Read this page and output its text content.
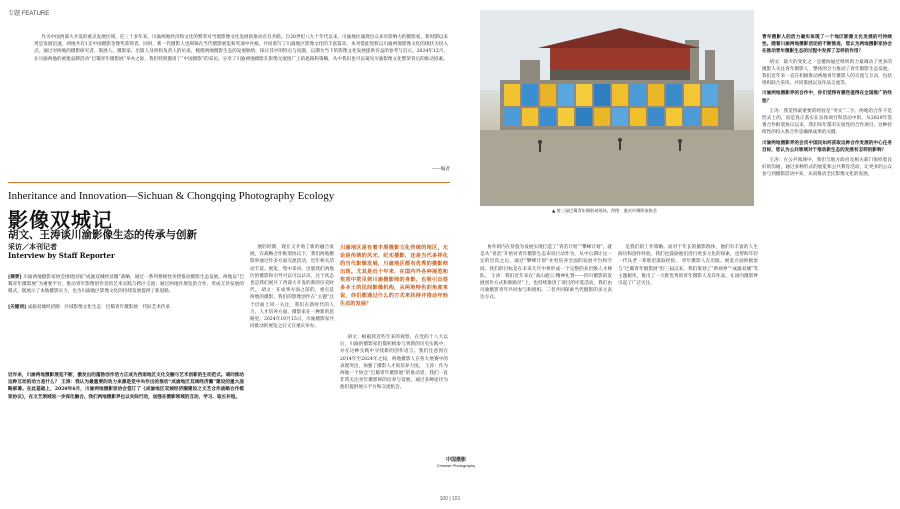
专题 FEATURE

作为中国西部大开发的重点发展区域，近三十多年来，川渝两地经济和文化的繁荣对当地影像文化发展的推动有目共睹。自20世纪八九十年代以来，川渝地区涌现出众多有影响力的摄影家，新时期以来更是发展迅速，两地共有1支中国摄影金像奖获得者。同时，新一代摄影人也频频在当代摄影展览和奖项中亮相。共同谱写了川渝地区影像文化的丰富篇章。本刊借此契机以川渝两地影像文化的现状为切入点，通过对两地的摄影研究者、策展人、摄影家、出版人及机构负责人的访谈，梳理两地摄影生态的发展脉络，探讨其中的特点与问题，以期为当下的影像文化发展提供有益的参考与启示。2024年12月，在川渝两地的重要品牌活动“巴蜀青年摄影展”举办之际，我们特别邀请了“中国摄影”的采访，分享了川渝两地摄影在影像交流推广上的思路和策略，从中我们也可以窥见川渝影像文化繁荣背后的推动因素。

——编者
Inheritance and Innovation—Sichuan & Chongqing Photography Ecology
影像双城记
胡文、王涛谈川渝影像生态的传承与创新
采访／本刊记者
Interview by Staff Reporter
[摘要] 川渝两地摄影家协会围绕国家“成渝双城经济圈”战略，通过一系列系统性举措推动摄影生态发展。两地以“巴蜀青年摄影展”为重要平台，推动青年影像创作者的艺术实践与跨区交流；通过两地作展览的合作、形成互补发展的模式，既展示了本地摄影实力，也为川渝地区影像文化的持续发展提供了新思路。
[关键词] 成渝双城经济圈　区域影像文化生态　巴蜀青年摄影展　代际艺术传承

近年来，川渝两地摄影展览不断，激发出的蓬勃创作活力正成为西南地区文化交融与艺术创新的生动范式。请问推动这种互动的动力是什么？ 王涛：我认为最重要的动力来源是党中央作出的推动“成渝地区双城经济圈”建设的重大战略部署。在此基础上，2020年6月，川渝两地摄影家协会签订了《成渝地区双城经济圈建设之文艺合作战略合作框架协议》，在文艺领域进一步深化融合。我们两地摄影界也以实际行动，加强在摄影领域的互动、学习、取长补短。

展的时期，现在又开始了新的融合发展。在战略合作框架协议下，我们两地摄影界通过作多方面交流活动，近年相关活动丰富。展览、集中采风、出版我们两地区的摄影和引导可以可以认识，这个状态也是我们展开了西部大开发的新的历史时代。 胡文：在成事方面之前的，重点是两地的摄影。我们的影像创作在“主题”这个层面上同一关注，我们在新时代的人力、人才培养方面，摄影家在一种新的思路里。2024年10月15日，川渝摄影家共同推动的展览之后又在重庆举办。

川渝地区是有着丰厚摄影文化传统的地区，无论是传统的风光、纪实摄影，还是当代多样化的当代影像发展，川渝地区都有优秀的摄影师出现。尤其是近十年来，在国内外各种展览和奖项中常见到川渝摄影师的身影，也吸引出很多本土的民间影像机构，从两地特色的角度来说，你们都通过什么的方式来扶持并推动年轻生态的发展？

胡文：根据我近些年来的观察，在党的十八大以后，川渝的摄影家们都积极参与到新的历史实践中，并在这种实践中寻找新的创作语言。我们注意到在2014年至2024年之间，两地摄影人在各大展赛中的表现突出，加强了摄影人才的培养力度。 王涛：作为两地一个协会“巴蜀青年摄影展”的推动者，我们一直非常关注青年摄影师的培养与发展，通过多种途径为他们提供展示平台和交流机会。

▲ 第三届巴蜀青年摄影展现场，供图：重庆市摄影家协会

协作的内在价值为发展实现打造了“青苗计划”“攀峰计划”。就是从“青苗”开始对青年摄影生态来说行动作为，从中后期让这一定的层次之后，通过“攀峰计划”并更培养全面的发展平台和空间。我们的目标是在未来几年中将形成一个完整的多层级人才梯队。 王涛：我们近年来在“高山抱云·精神礼赞——四川摄影的发展创作方式和新路径”上，也持续推进了项目的评选活动，我们由川渝摄影青年共同参与和组织。二者共同探索当代摄影的多元表达方式。

是我们的工作策略。而对于年长的摄影群体，他们有丰富的人生阅历和创作经验。我们也鼓励他们进行更多元化的探索，也帮助年轻一代从老一辈那里汲取经验。 青年摄影人在出版、展览方面积极参与“巴蜀青年摄影展”的三届以来，我们策划了“新视界”“成渝双城”等主题板块，推出了一大批优秀的青年摄影人及其作品，在国内摄影界引起了广泛关注。

青年摄影人的活力确实体现了一个地区影像文化发展的可持续性。随着川渝两地摄影活动的不断推进，您认为两地摄影家协会在推动青年摄影生态的过程中发挥了怎样的作用？

胡文：最大的变化之一是摄协通过组织的力量调动了更多的摄影人关注青年摄影人，整体的合力推动了青年摄影生态发展。我们近年来一直在积极推动两地青年摄影人的交流与互动，包括组织联合采风、共同策展以及作品交流等。

川渝两地摄影界的合作中，你们觉得有哪些值得在全国推广的经验？

王涛：我觉得最重要的经验是“务实”二字。两地的合作不是形式上的，而是真正落实在具体项目和活动中的。从2020年签署合作框架协议以来，我们每年都有实质性的合作项目，这种持续性的投入和合作是确保成果的关键。

川渝两地摄影界的会员中国民如何获取这种合作发展的中心任务目标，您认为公共领域对于推动新生态的发展有怎样的影响？

王涛：在公共领域中，我们与地方政府及相关部门保持着良好的沟通，通过多种形式的展览和公共教育活动，让更多的公众参与到摄影活动中来，从而推动全民影像文化的发展。

中国摄影
Chinese Photography
100 | 101
